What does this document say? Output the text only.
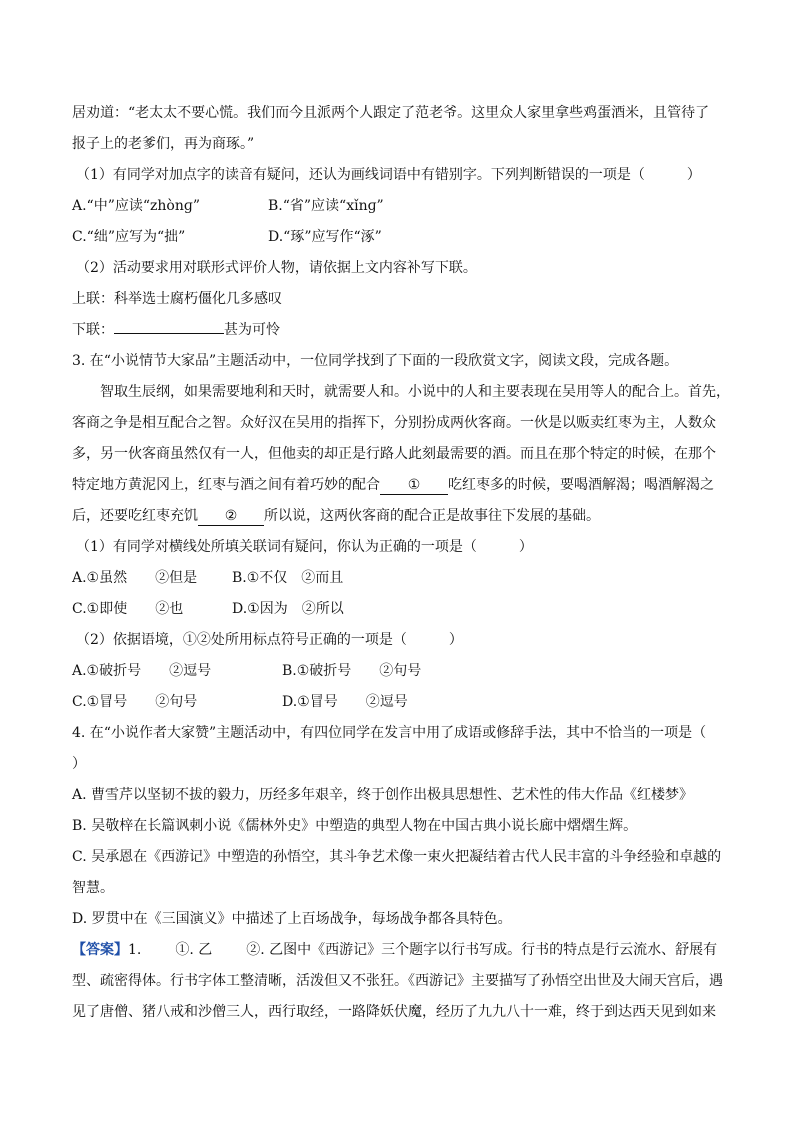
居劝道：“老太太不要心慌。我们而今且派两个人跟定了范老爷。这里众人家里拿些鸡蛋酒米，且管待了
报子上的老爹们，再为商琢。”
（1）有同学对加点字的读音有疑问，还认为画线词语中有错别字。下列判断错误的一项是（　　　）
A.“中”应读“zhònɡ”	B.“省”应读“xǐnɡ”
C.“绌”应写为“拙”	D.“琢”应写作“涿”
（2）活动要求用对联形式评价人物，请依据上文内容补写下联。
上联：科举选士腐朽僵化几多感叹
下联：	甚为可怜
3. 在“小说情节大家品”主题活动中，一位同学找到了下面的一段欣赏文字，阅读文段，完成各题。
智取生辰纲，如果需要地利和天时，就需要人和。小说中的人和主要表现在吴用等人的配合上。首先，
客商之争是相互配合之智。众好汉在吴用的指挥下，分别扮成两伙客商。一伙是以贩卖红枣为主，人数众
多，另一伙客商虽然仅有一人，但他卖的却正是行路人此刻最需要的酒。而且在那个特定的时候，在那个
特定地方黄泥冈上，红枣与酒之间有着巧妙的配合 ① 吃红枣多的时候，要喝酒解渴；喝酒解渴之
后，还要吃红枣充饥 ② 所以说，这两伙客商的配合正是故事往下发展的基础。
（1）有同学对横线处所填关联词有疑问，你认为正确的一项是（　　　）
A.①虽然　　②但是 B.①不仅　②而且
C.①即使　　②也	D.①因为　②所以
（2）依据语境，①②处所用标点符号正确的一项是（　　　）
A.①破折号　　②逗号	B.①破折号　　②句号
C.①冒号　　②句号	D.①冒号　　②逗号
4. 在“小说作者大家赞”主题活动中，有四位同学在发言中用了成语或修辞手法，其中不恰当的一项是（
）
A. 曹雪芹以坚韧不拔的毅力，历经多年艰辛，终于创作出极具思想性、艺术性的伟大作品《红楼梦》
B. 吴敬梓在长篇讽刺小说《儒林外史》中塑造的典型人物在中国古典小说长廊中熠熠生辉。
C. 吴承恩在《西游记》中塑造的孙悟空，其斗争艺术像一束火把凝结着古代人民丰富的斗争经验和卓越的
智慧。
D. 罗贯中在《三国演义》中描述了上百场战争，每场战争都各具特色。
【答案】1. ①. 乙 ②. 乙图中《西游记》三个题字以行书写成。行书的特点是行云流水、舒展有
型、疏密得体。行书字体工整清晰，活泼但又不张狂。《西游记》主要描写了孙悟空出世及大闹天宫后，遇
见了唐僧、猪八戒和沙僧三人，西行取经，一路降妖伏魔，经历了九九八十一难，终于到达西天见到如来
